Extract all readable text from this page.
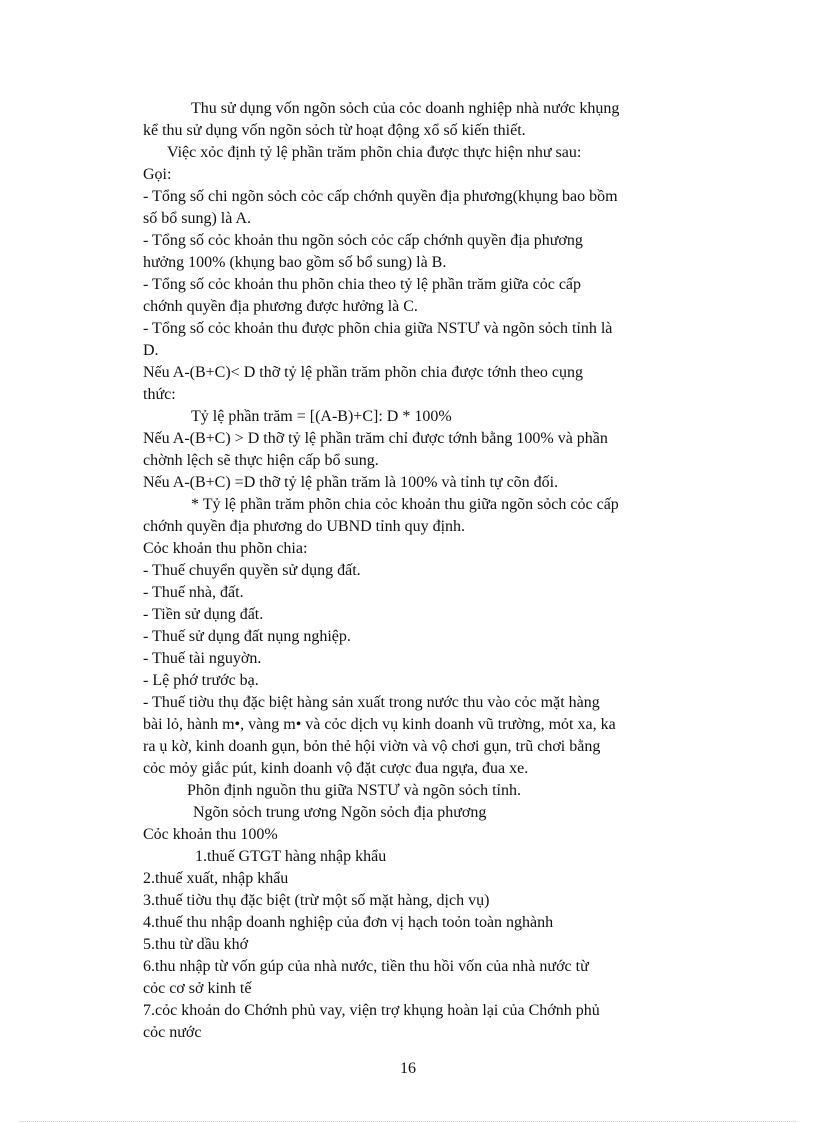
Thu sử dụng vốn ngõn sỏch của cỏc doanh nghiệp nhà nước khụng
kể thu sử dụng vốn ngõn sỏch từ hoạt động xổ số kiến thiết.
Việc xỏc định tỷ lệ phần trăm phõn chia được thực hiện như sau:
Gọi:
- Tổng số chi ngõn sỏch cỏc cấp chớnh quyền địa phương(khụng bao bồm
số bổ sung) là A.
- Tổng số cỏc khoản thu ngõn sỏch cỏc cấp chớnh quyền địa phương
hưởng 100% (khụng bao gồm số bổ sung) là B.
- Tổng số cỏc khoản thu phõn chia theo tỷ lệ phần trăm giữa cỏc cấp
chớnh quyền địa phương được hưởng là C.
- Tổng số cỏc khoản thu được phõn chia giữa NSTƯ và ngõn sỏch tỉnh là
D.
Nếu A-(B+C)< D thỡ tỷ lệ phần trăm phõn chia được tớnh theo cụng
thức:
Tỷ lệ phần trăm = [(A-B)+C]: D * 100%
Nếu A-(B+C) > D thỡ tỷ lệ phần trăm chỉ được tớnh bằng 100% và phần
chờnh lệch sẽ thực hiện cấp bổ sung.
Nếu A-(B+C) =D thỡ tỷ lệ phần trăm là 100% và tỉnh tự cõn đối.
* Tỷ lệ phần trăm phõn chia cỏc khoản thu giữa ngõn sỏch cỏc cấp
chớnh quyền địa phương do UBND tỉnh quy định.
Cỏc khoản thu phõn chia:
- Thuế chuyển quyền sử dụng đất.
- Thuế nhà, đất.
- Tiền sử dụng đất.
- Thuế sử dụng đất nụng nghiệp.
- Thuế tài nguyờn.
- Lệ phớ trước bạ.
- Thuế tiờu thụ đặc biệt hàng sản xuất trong nước thu vào cỏc mặt hàng
bài lỏ, hành m•, vàng m• và cỏc dịch vụ kinh doanh vũ trường, mỏt xa, ka
ra ụ kờ, kinh doanh gụn, bỏn thẻ hội viờn và vộ chơi gụn, trũ chơi bằng
cỏc mỏy giắc pút, kinh doanh vộ đặt cược đua ngựa, đua xe.
Phõn định nguồn thu giữa NSTƯ và ngõn sỏch tỉnh.
Ngõn sỏch trung ương Ngõn sỏch địa phương
Cỏc khoản thu 100%
1.thuế GTGT hàng nhập khẩu
2.thuế xuất, nhập khẩu
3.thuế tiờu thụ đặc biệt (trừ một số mặt hàng, dịch vụ)
4.thuế thu nhập doanh nghiệp của đơn vị hạch toỏn toàn nghành
5.thu từ dầu khớ
6.thu nhập từ vốn gúp của nhà nước, tiền thu hồi vốn của nhà nước từ
cỏc cơ sở kinh tế
7.cỏc khoản do Chớnh phủ vay, viện trợ khụng hoàn lại của Chớnh phủ
cỏc nước
16
